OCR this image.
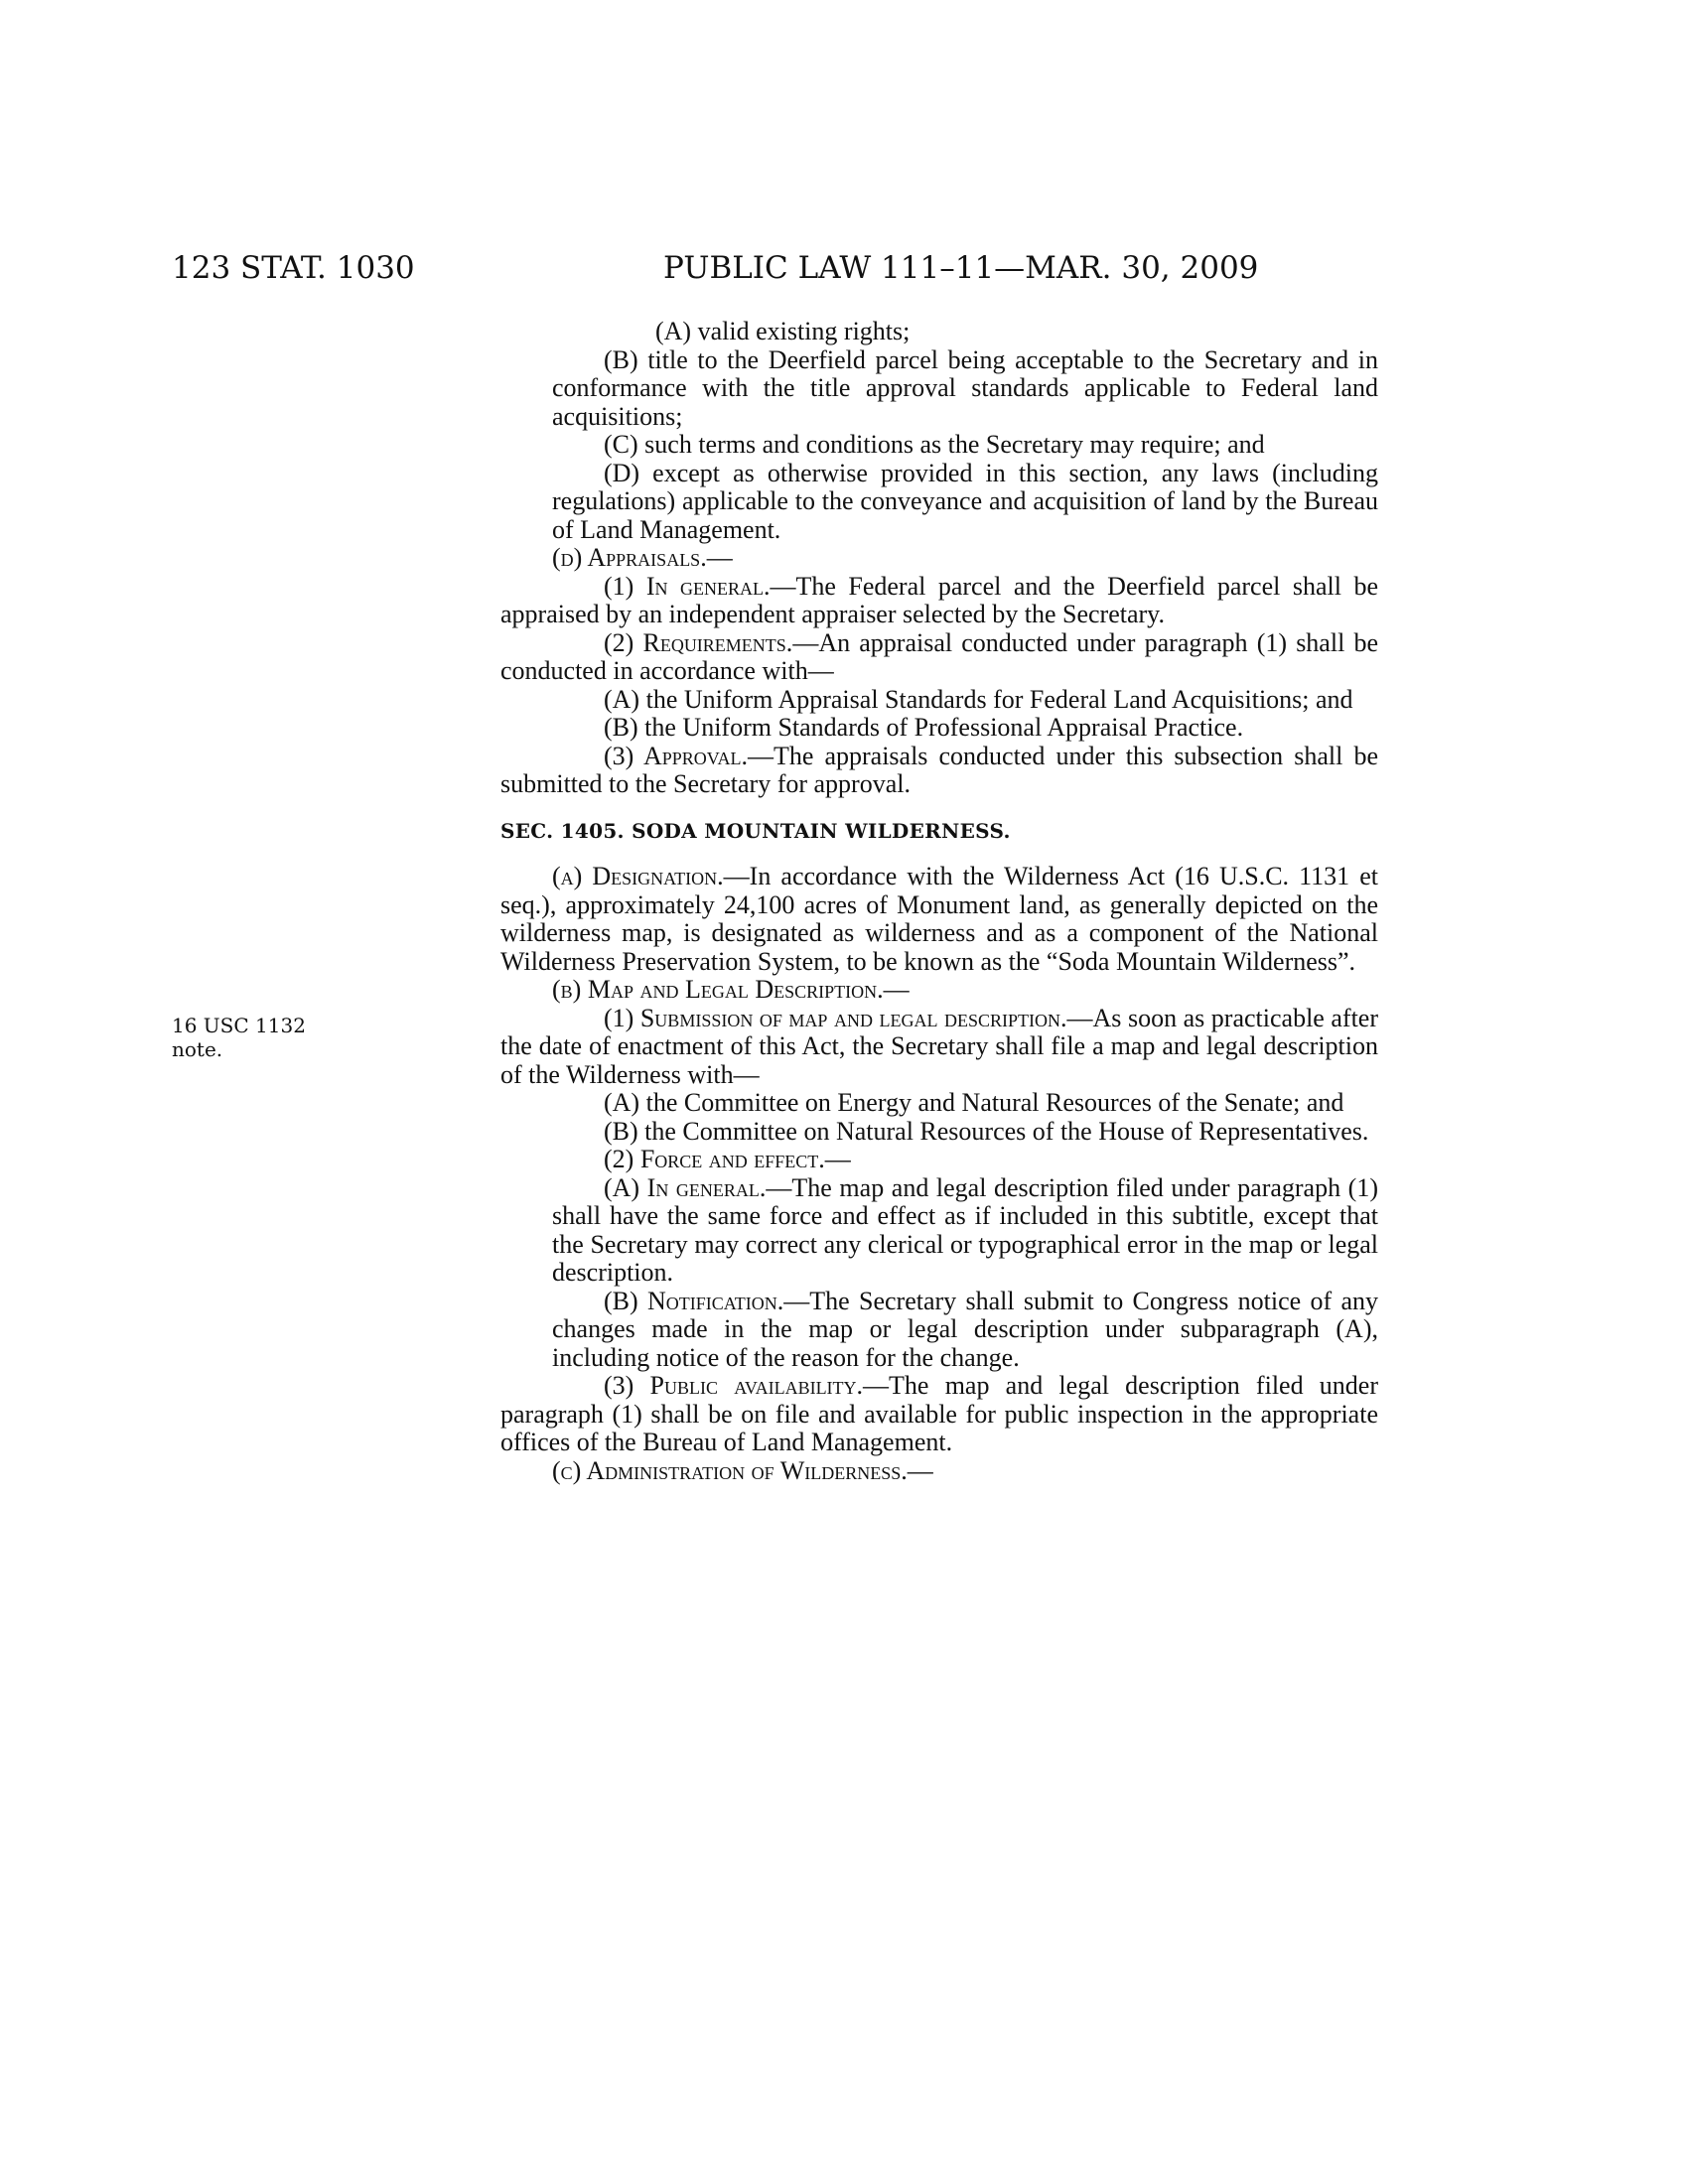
123 STAT. 1030	PUBLIC LAW 111–11—MAR. 30, 2009
16 USC 1132
note.

(A) valid existing rights;

(B) title to the Deerfield parcel being acceptable to the Secretary and in conformance with the title approval standards applicable to Federal land acquisitions;

(C) such terms and conditions as the Secretary may require; and

(D) except as otherwise provided in this section, any laws (including regulations) applicable to the conveyance and acquisition of land by the Bureau of Land Management.

(d) Appraisals.—

(1) In general.—The Federal parcel and the Deerfield parcel shall be appraised by an independent appraiser selected by the Secretary.

(2) Requirements.—An appraisal conducted under paragraph (1) shall be conducted in accordance with—

(A) the Uniform Appraisal Standards for Federal Land Acquisitions; and

(B) the Uniform Standards of Professional Appraisal Practice.

(3) Approval.—The appraisals conducted under this subsection shall be submitted to the Secretary for approval.

SEC. 1405. SODA MOUNTAIN WILDERNESS.

(a) Designation.—In accordance with the Wilderness Act (16 U.S.C. 1131 et seq.), approximately 24,100 acres of Monument land, as generally depicted on the wilderness map, is designated as wilderness and as a component of the National Wilderness Preservation System, to be known as the “Soda Mountain Wilderness”.

(b) Map and Legal Description.—

(1) Submission of map and legal description.—As soon as practicable after the date of enactment of this Act, the Secretary shall file a map and legal description of the Wilderness with—

(A) the Committee on Energy and Natural Resources of the Senate; and

(B) the Committee on Natural Resources of the House of Representatives.

(2) Force and effect.—

(A) In general.—The map and legal description filed under paragraph (1) shall have the same force and effect as if included in this subtitle, except that the Secretary may correct any clerical or typographical error in the map or legal description.

(B) Notification.—The Secretary shall submit to Congress notice of any changes made in the map or legal description under subparagraph (A), including notice of the reason for the change.

(3) Public availability.—The map and legal description filed under paragraph (1) shall be on file and available for public inspection in the appropriate offices of the Bureau of Land Management.

(c) Administration of Wilderness.—
